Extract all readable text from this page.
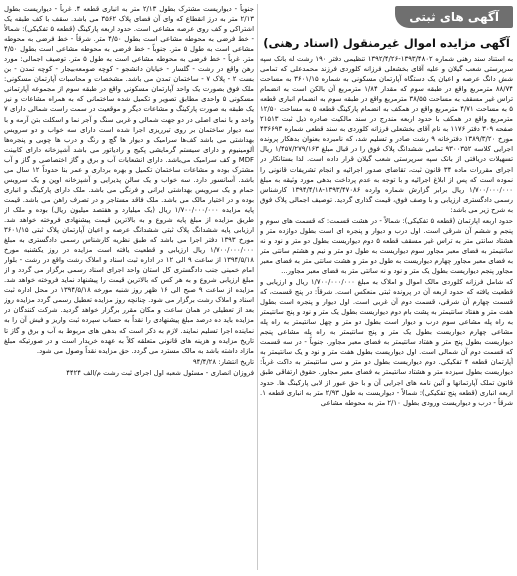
آگهی های ثبتی
آگهی مزایده اموال غیرمنقول (اسناد رهنی)

به استناد سند رهنی شماره ۱۳۹۳/۴۸۰۲-۱۳۹۲/۴/۲۶ تنظیمی دفتر ۱۹۰ رشت له بانک سپه سرپرستی شعب گیلان و علیه آقای بخشعلی فرزانه کلوردی فرزند محمدعلی که تمامی شش دانگ عرصه و اعیان یک دستگاه آپارتمان مسکونی به شماره ۳۶۰۱/۱۵ به مساحت ۸۸/۷۴ مترمربع واقع در طبقه سوم که مقدار ۱/۸۴ مترمربع آن بالکن است به انضمام تراس غیر مسقف به مساحت ۳۸/۵۵ مترمربع واقع در طبقه سوم به انضمام انباری قطعه ۵ به مساحت ۴/۷۱ مترمربع واقع در همکف به انضمام پارکینگ قطعه ۵ به مساحت ۱۲/۵۰ مترمربع واقع در همکف با حدود اربعه مندرج در سند مالکیت صادره ذیل ثبت ۲۱۵۱۳ صفحه ۳۰۹ دفتر ۱۱۷۶ به نام آقای بخشعلی فرزانه کلوردی به سند قطعی شماره ۴۳۶۶۹۳ مورخ ۱۳۸۹/۳/۲۰ دفترخانه ۹ رشت صادر و تسلیم شد، که نامبرده بعنوان بدهکار پرونده اجرایی کلاسه ۹۳۰۰۳۵۲ تمامی ششدانگ پلاک فوق را در قبال مبلغ ۱/۴۵۷/۲۷۹/۱۶۳ ریال تسهیلات دریافتی از بانک سپه سرپرستی شعب گیلان قرار داده است. لذا بستانکار در اجرای مقررات ماده ۳۴ قانون ثبت، تقاضای صدور اجرائیه و انجام تشریفات قانونی را نموده است که پس از ابلاغ اجرائیه و با توجه به عدم پرداخت بدهی مورد وثیقه به مبلغ ۱/۷۰۰/۰۰۰/۰۰۰ ریال برابر گزارش شماره وارده ۱۳۹۳/۴۷۰۸۶-۱۳۹۴/۴/۱۸ کارشناس رسمی دادگستری ارزیابی و با وصف فوق، قیمت گذاری گردید. توصیف اجمالی پلاک فوق به شرح زیر می باشد:

حدود اربعه اپارتمان (قطعه ۵ تفکیکی): شمالاً - در هشت قسمت: که قسمت های سوم و پنجم و ششم آن شرقی است. اول درب و دیوار و پنجره ای است بطول دوازده متر و هشتاد سانتی متر به تراس غیر مسقف قطعه ۵ دوم دیواریست بطول دو متر و نود و نه سانتیمتر به فضای معبر مجاور سوم دیواریست به طول دو متر و نیم و هشتم سانتی متر به فضای معبر مجاور چهارم دیواریست به طول دو متر و هشت سانتی متر به فضای معبر مجاور پنجم دیواریست بطول یک متر و نود و نه سانتی متر به فضای معبر مجاور...

که شامل فرزانه کلوردی مالک اموال و املاک به مبلغ ۱/۷۰۰/۰۰۰/۰۰۰ ریال و ارزیابی و قطعیت یافته که حدود اربعه آن در پرونده ثبتی منعکس است. شرقاً: در پنج قسمت، که قسمت چهارم آن شرقی، قسمت دوم آن غربی است. اول دیوار و پنجره است بطول هفت متر و هفتاد سانتیمتر به پشت بام دوم دیواریست بطول یک متر و نود و پنج سانتیمتر به راه پله مشاعی سوم درب و دیوار است بطول دو متر و چهل سانتیمتر به راه پله مشاعی چهارم دیواریست بطول یک متر و پنج سانتیمتر به راه پله مشاعی پنجم دیواریست بطول پنج متر و هفتاد سانتیمتر به فضای معبر مجاور. جنوباً - در سه قسمت که قسمت دوم آن شمالی است. اول دیواریست بطول هفت متر و نود و یک سانتیمتر به آپارتمان قطعه ۴ تفکیکی. دوم دیواریست بطول دو متر و سی سانتیمتر به داکت غرباً: دیواریست بطول سیزده متر و هشتاد سانتیمتر به فضای معبر مجاور. حقوق ارتفاقی طبق قانون تملک آپارتمانها و آئین نامه های اجرایی آن و با حق عبور از لابی پارکینگ ها. حدود اربعه انباری (قطعه پنج تفکیکی): شمالاً - دیواریست به طول ۲/۹۳ متر به انباری قطعه ۱. شرقاً - درب و دیواریست ورودی بطول ۲/۱۰ متر به محوطه مشاعی

جنوباً - دیواریست مشترک بطول ۲/۱۳ متر به انباری قطعه ۴. غرباً - دیواریست بطول ۲/۱۳ متر به درز انقطاع که وای آن فضای پلاک ۳۵۶۲ می باشد. سقف با کف طبقه یک اشتراکی و کف روی عرصه مشاعی است. حدود اربعه پارکینگ (قطعه ۵ تفکیکی): شمالاً - خط فرضی به محوطه مشاعی است بطول ۴/۵۰ متر. شرقاً - خط فرضی به محوطه مشاعی است به طول ۵ متر. جنوباً - خط فرضی به محوطه مشاعی است بطول ۴/۵۰ متر. غرباً - خط فرضی به محوطه مشاعی است به طول ۵ متر. توصیف اجمالی: مورد رهن واقع در رشت - گلسار - خیابان دانشجو - کوچه صومعه‌بیجار - کوچه تمدن - بن بست ۲ - پلاک ۷ - ساختمان تمدن می باشد. مشخصات و محاسبات آپارتمان مسکونی: ملک فوق بصورت یک واحد آپارتمان مسکونی واقع در طبقه سوم از مجموعه آپارتمانی مسکونی ۵ واحدی مطابق تصویر و تکمیل شده ساختمانی که به همراه مشاعات و نیز یک طبقه به صورت پارکینگ و مشاعات دیگر و موقعیت در سمت راست شمالی دارای ۷ واحد و با نمای اصلی در دو جهت شمالی و غربی سنگ و آجر نما و اسکلت بتن آرمه و با سه دیوار ساختمان بر روی تیر‌ریزی اجرا شده است دارای سه خواب و دو سرویس بهداشتی می باشد کف‌ها سرامیک و دیوار ها گچ و رنگ و درب ها چوبی و پنجره‌ها آلومینیوم و دارای سیستم گرمایشی پکیج و رادیاتور می باشد آشپزخانه دارای کابینت MDF و کف سرامیک می‌باشد. دارای انشعابات آب و برق و گاز اختصاصی و گاز و آب مشترک بوده و مشاعات ساختمان تکمیل و بهره برداری و عمر بنا حدوداً ۱۲ سال می باشد. آسانسور دارد. سه خواب و یک سالن پذیرایی و آشپزخانه اوپن و یک سرویس حمام و یک سرویس بهداشتی ایرانی و فرنگی می باشد. ملک دارای پارکینگ و انباری بوده و در اختیار مالک می باشد. ملک فاقد مستاجر و در تصرف راهن می باشد. قیمت پایه مزایده ۱/۷۰۰/۰۰۰/۰۰۰ ریال (یک میلیارد و هفتصد میلیون ریال) بوده و ملک از طریق مزایده از مبلغ پایه شروع و به بالاترین قیمت پیشنهادی فروخته خواهد شد. ارزیابی پایه ششدانگ پلاک ثبتی ششدانگ عرصه و اعیان آپارتمان پلاک ثبتی ۳۶۰۱/۱۵ مورخ ۱۳۹۳ دفتر اجرا می باشد که طبق نظریه کارشناس رسمی دادگستری به مبلغ ۱/۷۰۰/۰۰۰/۰۰۰ ریال ارزیابی و قطعیت یافته است مزایده در روز یکشنبه مورخ ۱۳۹۴/۵/۱۸ از ساعت ۹ الی ۱۲ در اداره ثبت اسناد و املاک رشت واقع در رشت - بلوار امام خمینی جنب دادگستری کل استان واحد اجرای اسناد رسمی برگزار می گردد و از مبلغ ارزیابی شروع و به هر کس که بالاترین قیمت را پیشنهاد نماید فروخته خواهد شد. مزایده از ساعت ۹ صبح الی ۱۶ ظهر روز شنبه مورخه ۱۳۹۴/۵/۱۸ در محل اداره ثبت اسناد و املاک رشت برگزار می شود. چنانچه روز مزایده تعطیل رسمی گردد مزایده روز بعد از تعطیلی در همان ساعت و مکان مقرر برگزار خواهد گردید. شرکت کنندگان در مزایده باید ده درصد مبلغ پیشنهادی را نقداً به حساب سپرده ثبت واریز و فیش آن را به نماینده اجرا تسلیم نمایند. لازم به ذکر است که بدهی های مربوط به آب و برق و گاز تا تاریخ مزایده و هزینه های قانونی متعلقه کلاً به عهده خریدار است و در صورتیکه مبلغ مازاد داشته باشد به مالک مسترد می گردد. حق مزایده نقداً وصول می شود.

تاریخ انتشار: ۹۴/۴/۲۸

فروزان انصاری - مسئول شعبه اول اجرای ثبت رشت م/الف ۴۴۲۴
